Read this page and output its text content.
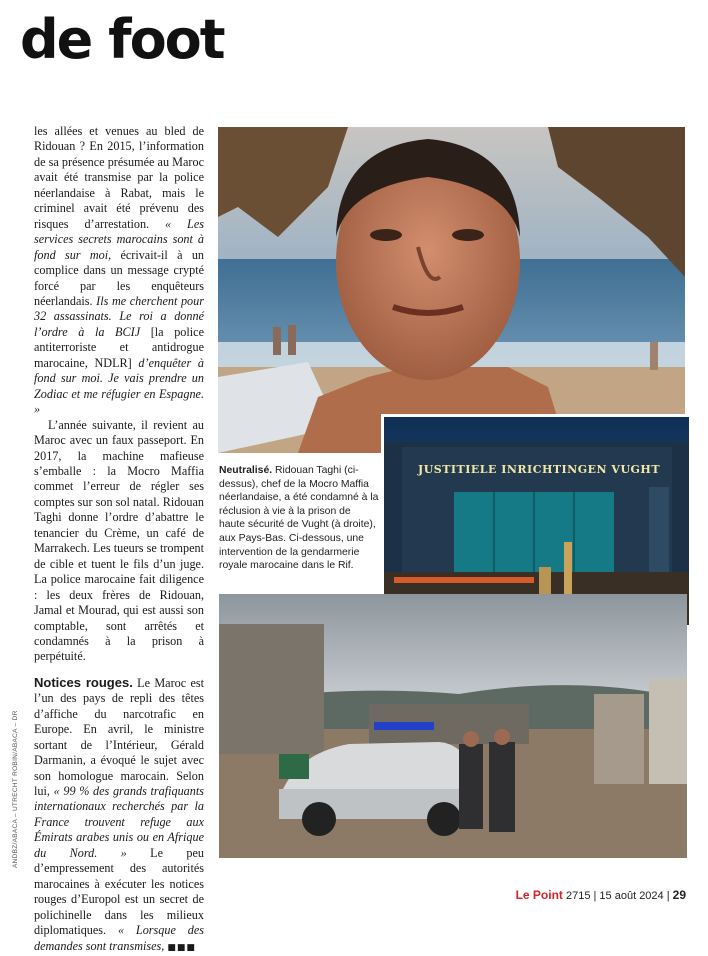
de foot

les allées et venues au bled de Ridouan ? En 2015, l’information de sa présence présumée au Maroc avait été transmise par la police néerlandaise à Rabat, mais le criminel avait été prévenu des risques d’arrestation. « Les services secrets marocains sont à fond sur moi, écrivait-il à un complice dans un message crypté forcé par les enquêteurs néerlandais. Ils me cherchent pour 32 assassinats. Le roi a donné l’ordre à la BCIJ [la police antiterroriste et antidrogue marocaine, NDLR] d’enquêter à fond sur moi. Je vais prendre un Zodiac et me réfugier en Espagne. »

L’année suivante, il revient au Maroc avec un faux passeport. En 2017, la machine mafieuse s’emballe : la Mocro Maffia commet l’erreur de régler ses comptes sur son sol natal. Ridouan Taghi donne l’ordre d’abattre le tenancier du Crème, un café de Marrakech. Les tueurs se trompent de cible et tuent le fils d’un juge. La police marocaine fait diligence : les deux frères de Ridouan, Jamal et Mourad, qui est aussi son comptable, sont arrêtés et condamnés à la prison à perpétuité.

Notices rouges. Le Maroc est l’un des pays de repli des têtes d’affiche du narcotrafic en Europe. En avril, le ministre sortant de l’Intérieur, Gérald Darmanin, a évoqué le sujet avec son homologue marocain. Selon lui, « 99 % des grands trafiquants internationaux recherchés par la France trouvent refuge aux Émirats arabes unis ou en Afrique du Nord. » Le peu d’empressement des autorités marocaines à exécuter les notices rouges d’Europol est un secret de polichinelle dans les milieux diplomatiques. « Lorsque des demandes sont transmises, ■■■

ANDBZ/ABACA – UTRECHT ROBIN/ABACA – DR
JUSTITIELE INRICHTINGEN VUGHT
Neutralisé. Ridouan Taghi (ci-dessus), chef de la Mocro Maffia néerlandaise, a été condamné à la réclusion à vie à la prison de haute sécurité de Vught (à droite), aux Pays-Bas. Ci-dessous, une intervention de la gendarmerie royale marocaine dans le Rif.
Le Point 2715 | 15 août 2024 | 29
